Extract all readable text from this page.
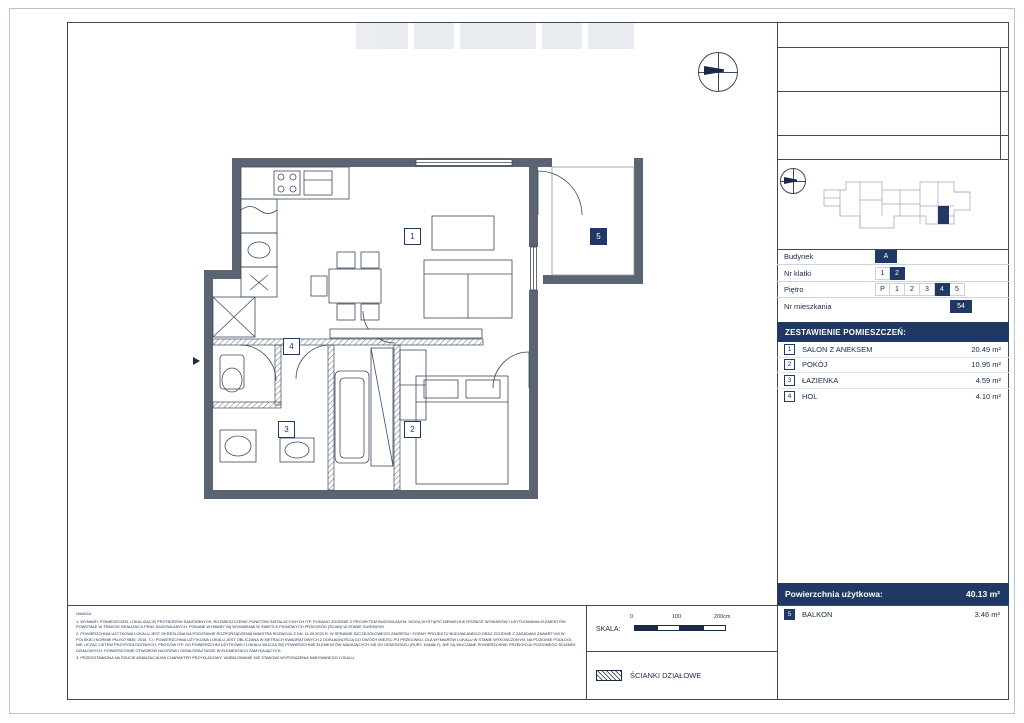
Budynek	A
Nr klatki	1	2
Piętro	P	1	2	3	4	5
Nr mieszkania	54
ZESTAWIENIE POMIESZCZEŃ:
1	SALON Z ANEKSEM	20.49 m²
2	POKÓJ	10.95 m²
3	ŁAZIENKA	4.59 m²
4	HOL	4.10 m²
Powierzchnia użytkowa:	40.13 m²
5	BALKON	3.46 m²
UWAGA:

1. WYMIARY POMIESZCZEŃ, LOKALIZACJĘ PRZYBORÓW SANITARNYCH, ROZMIESZCZENIE PUNKTÓW INSTALACYJNYCH ITP. PODANO ZGODNIE Z PROJEKTEM BUDOWLANYM. MOGĄ WYSTĄPIĆ NIEWIELKIE RÓŻNICE WYMIARÓW I USYTUOWANIA ELEMENTÓW POWSTAŁE W TRAKCIE REALIZACJI PRAC BUDOWLANYCH. PODANE WYMIARY SĄ WYMIARAMI W ŚWIETLE PIONOWYCH PRZEGRÓD (ŚCIAN) W STANIE SUROWYM.

2. POWIERZCHNIA UŻYTKOWA LOKALU JEST OKREŚLONA NA PODSTAWIE ROZPORZĄDZENIA MINISTRA ROZWOJU Z DN. 11.09.2020 R. W SPRAWIE SZCZEGÓŁOWEGO ZAKRESU I FORMY PROJEKTU BUDOWLANEGO ORAZ ZGODNIE Z ZASADAMI ZAWARTYMI W POLSKIEJ NORMIE PN-ISO 9836: 2015, TJ.: POWIERZCHNIA UŻYTKOWA LOKALU JEST OBLICZANA W METRACH KWADRATOWYCH Z DOKŁADNOŚCIĄ DO DWÓCH MIEJSC PO PRZECINKU, DLA WYMIARÓW LOKALU W STANIE WYKOŃCZONYM, NA POZIOMIE PODŁOGI, NIE LICZĄC LISTEW PRZYPODŁOGOWYCH, PROGÓW ITP. DO POWIERZCHNI UŻYTKOWEJ LOKALU WLICZA SIĘ POWIERZCHNIE ELEMENTÓW NADAJĄCYCH SIĘ DO DEMONTAŻU (RURY, KANAŁY), NIE SĄ WLICZANE POWIERZCHNIE PRZEKROJU POZIOMEGO ŚCIANEK DZIAŁOWYCH, POWIERZCHNIE OTWORÓW NA DRZWI I OKNA ORAZ NISZE W ELEMENTACH ZAMYKAJĄCYCH.

3. PRZEDSTAWIONA NA RZUCIE ARANŻACJA MA CHARAKTER PRZYKŁADOWY, UMEBLOWANIE NIE STANOWI WYPOSAŻENIA NABYWANEGO LOKALU.

SKALA:
0	100	200cm
ŚCIANKI DZIAŁOWE
1
2
3
4
5
